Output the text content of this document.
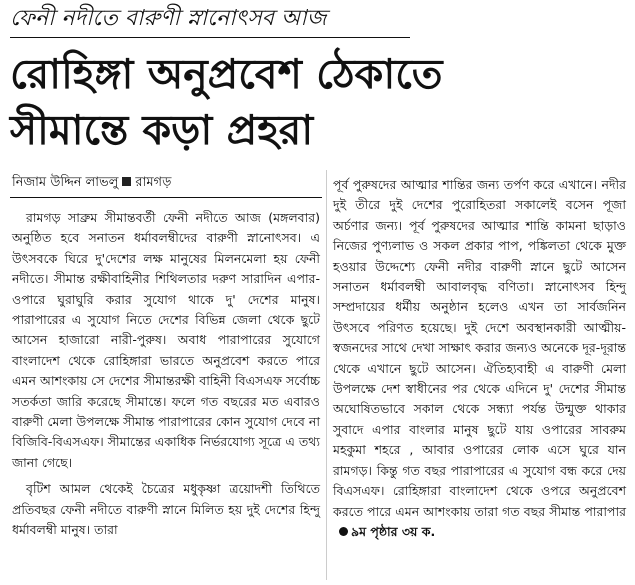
ফেনী নদীতে বারুণী স্নানোৎসব আজ
রোহিঙ্গা অনুপ্রবেশ ঠেকাতে
সীমান্তে কড়া প্রহরা
নিজাম উদ্দিন লাভলু রামগড়

রামগড় সাব্রুম সীমান্তবর্তী ফেনী নদীতে আজ (মঙ্গলবার) অনুষ্ঠিত হবে সনাতন ধর্মাবলম্বীদের বারুণী স্নানোৎসব। এ উৎসবকে ঘিরে দু'দেশের লক্ষ মানুষের মিলনমেলা হয় ফেনী নদীতে। সীমান্ত রক্ষীবাহিনীর শিথিলতার দরুণ সারাদিন এপার-ওপারে ঘুরাঘুরি করার সুযোগ থাকে দু' দেশের মানুষ। পারাপারের এ সুযোগ নিতে দেশের বিভিন্ন জেলা থেকে ছুটে আসেন হাজারো নারী-পুরুষ। অবাধ পারাপারের সুযোগে বাংলাদেশ থেকে রোহিঙ্গারা ভারতে অনুপ্রবেশ করতে পারে এমন আশংকায় সে দেশের সীমান্তরক্ষী বাহিনী বিএসএফ সর্বোচ্চ সতর্কতা জারি করেছে সীমান্তে। ফলে গত বছরের মত এবারও বারুণী মেলা উপলক্ষে সীমান্ত পারাপারের কোন সুযোগ দেবে না বিজিবি-বিএসএফ। সীমান্তের একাধিক নির্ভরযোগ্য সূত্রে এ তথ্য জানা গেছে।

বৃটিশ আমল থেকেই চৈত্রের মধুকৃষ্ণা ত্রয়োদশী তিথিতে প্রতিবছর ফেনী নদীতে বারুণী স্নানে মিলিত হয় দুই দেশের হিন্দু ধর্মাবলম্বী মানুষ। তারা

পূর্ব পুরুষদের আত্মার শান্তির জন্য তর্পণ করে এখানে। নদীর দুই তীরে দুই দেশের পুরোহিতরা সকালেই বসেন পূজা অর্চণার জন্য। পূর্ব পুরুষদের আত্মার শান্তি কামনা ছাড়াও নিজের পুণ্যলাভ ও সকল প্রকার পাপ, পঙ্কিলতা থেকে মুক্ত হওয়ার উদ্দেশ্যে ফেনী নদীর বারুণী স্নানে ছুটে আসেন সনাতন ধর্মাবলম্বী আবালবৃদ্ধ বণিতা। স্নানোৎসব হিন্দু সম্প্রদায়ের ধর্মীয় অনুষ্ঠান হলেও এখন তা সার্বজনিন উৎসবে পরিণত হয়েছে। দুই দেশে অবস্থানকারী আত্মীয়- স্বজনদের সাথে দেখা সাক্ষাৎ করার জন্যও অনেকে দূর-দূরান্ত থেকে এখানে ছুটে আসেন। ঐতিহ্যবাহী এ বারুণী মেলা উপলক্ষে দেশ স্বাধীনের পর থেকে এদিনে দু' দেশের সীমান্ত অঘোষিতভাবে সকাল থেকে সন্ধ্যা পর্যন্ত উন্মুক্ত থাকার সুবাদে এপার বাংলার মানুষ ছুটে যায় ওপারের সাবরুম মহকুমা শহরে , আবার ওপারের লোক এসে ঘুরে যান রামগড়। কিন্তু গত বছর পারাপারের এ সুযোগ বন্ধ করে দেয় বিএসএফ। রোহিঙ্গারা বাংলাদেশ থেকে ওপরে অনুপ্রবেশ করতে পারে এমন আশংকায় তারা গত বছর সীমান্ত পারাপার৯ম পৃষ্ঠার ৩য় ক.
